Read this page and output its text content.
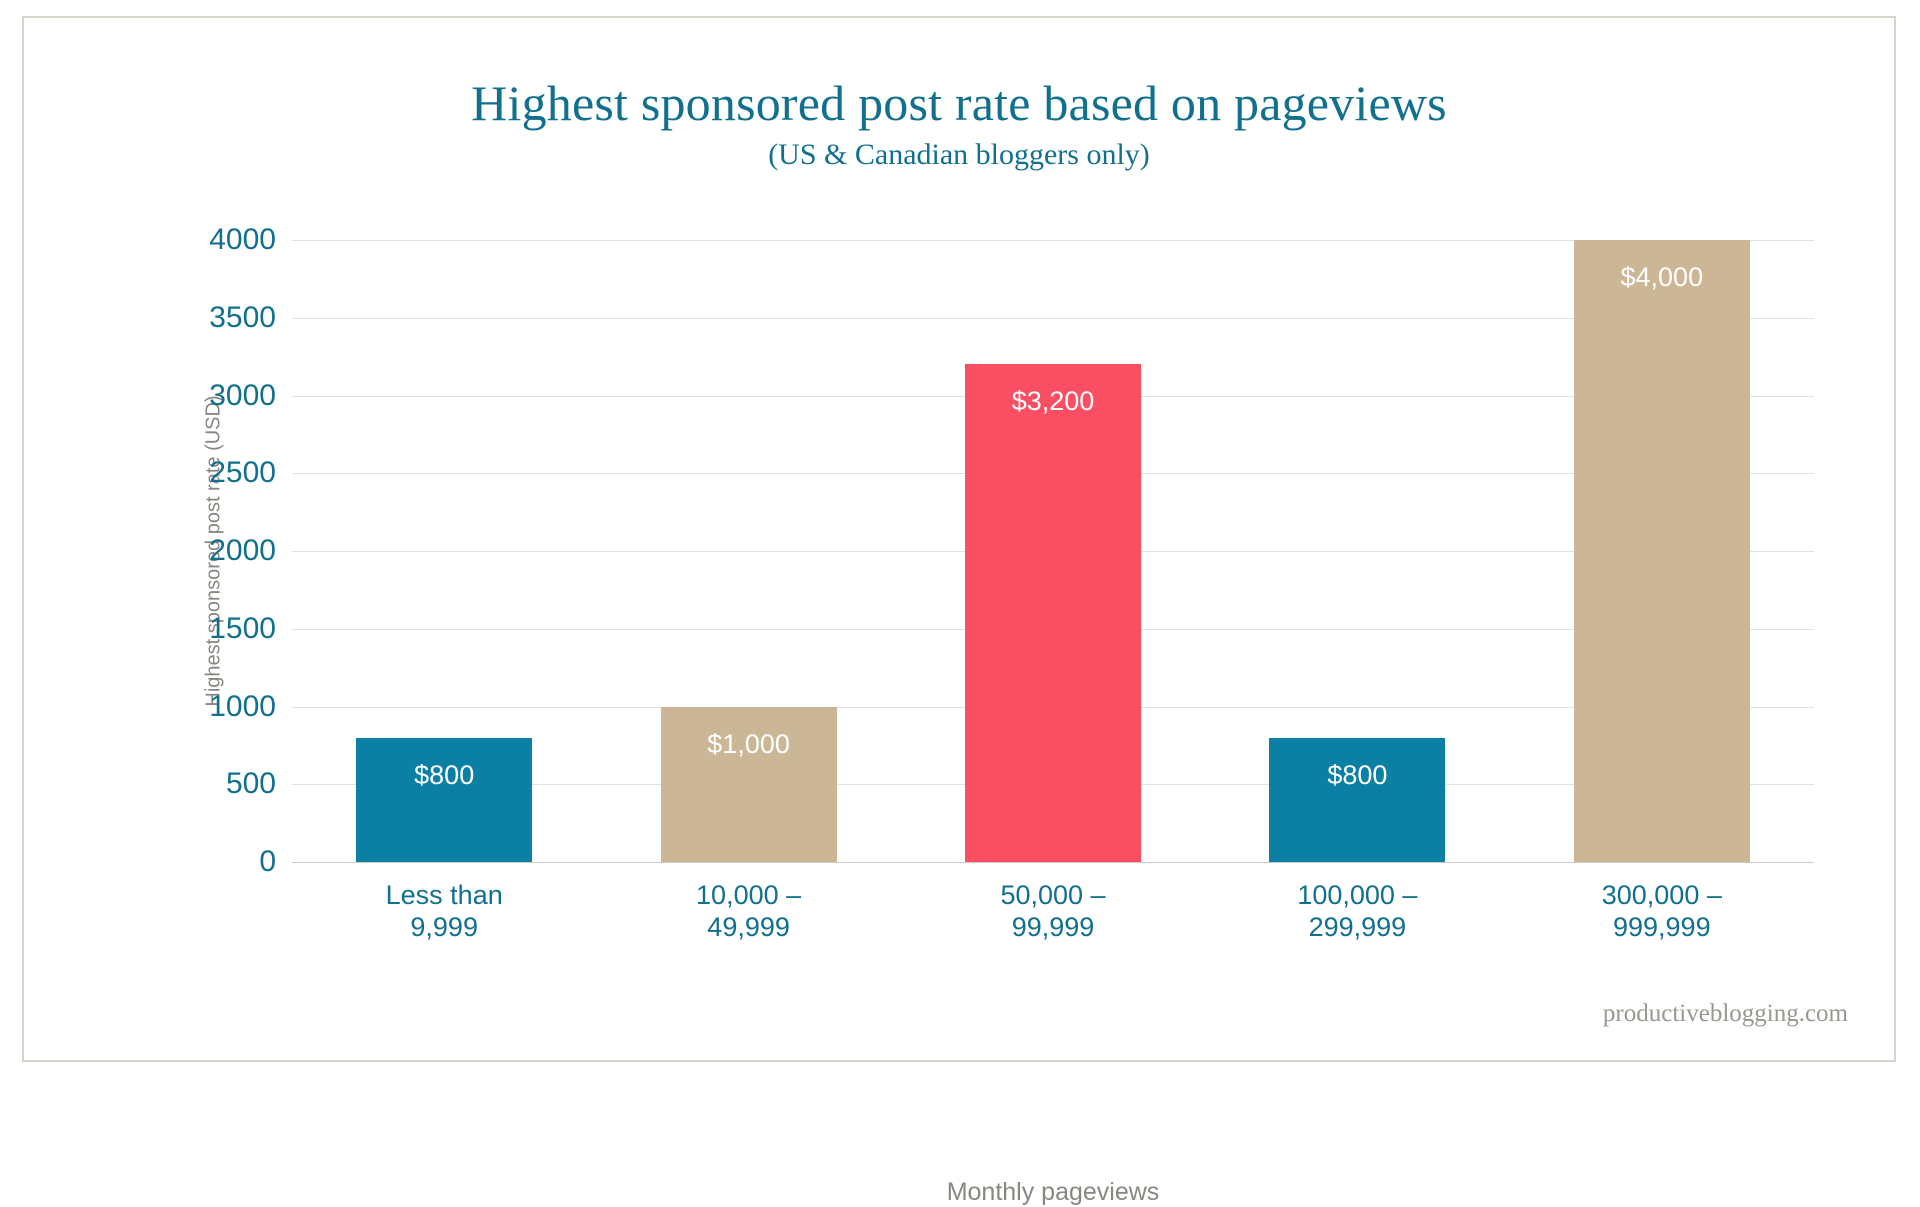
Highest sponsored post rate based on pageviews
(US & Canadian bloggers only)
Highest sponsored post rate (USD)
Monthly pageviews
0
500
1000
1500
2000
2500
3000
3500
4000
$800
Less than
9,999
$1,000
10,000 –
49,999
$3,200
50,000 –
99,999
$800
100,000 –
299,999
$4,000
300,000 –
999,999
productiveblogging.com
